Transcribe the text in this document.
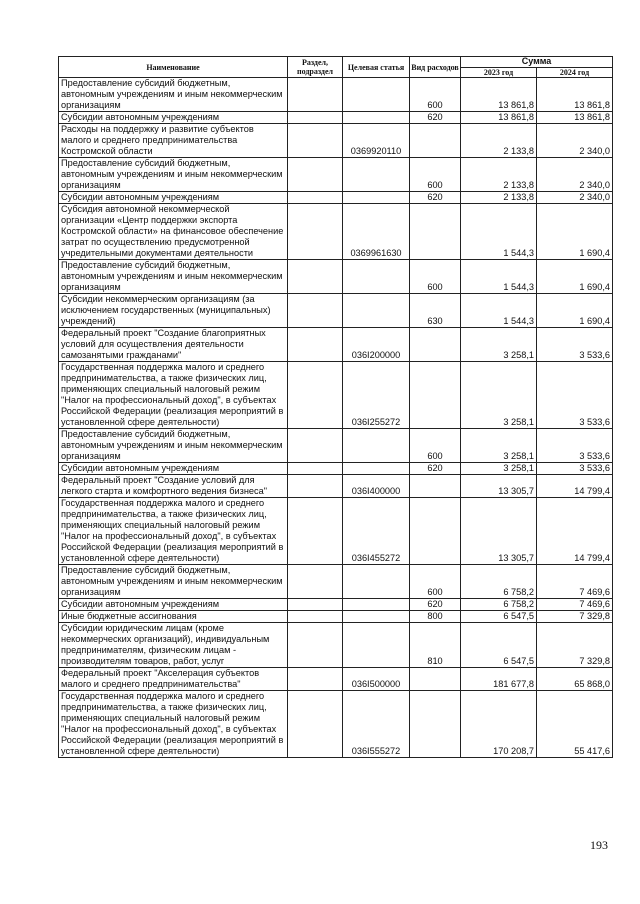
Наименование	Раздел, подраздел	Целевая статья	Вид расходов	Сумма	
				2023 год	2024 год
Предоставление субсидий бюджетным, автономным учреждениям и иным некоммерческим организациям			600	13 861,8	13 861,8
Субсидии автономным учреждениям			620	13 861,8	13 861,8
Расходы на поддержку и развитие субъектов малого и среднего предпринимательства Костромской области		0369920110		2 133,8	2 340,0
Предоставление субсидий бюджетным, автономным учреждениям и иным некоммерческим организациям			600	2 133,8	2 340,0
Субсидии автономным учреждениям			620	2 133,8	2 340,0
Субсидия автономной некоммерческой организации «Центр поддержки экспорта Костромской области» на финансовое обеспечение затрат по осуществлению предусмотренной учредительными документами деятельности		0369961630		1 544,3	1 690,4
Предоставление субсидий бюджетным, автономным учреждениям и иным некоммерческим организациям			600	1 544,3	1 690,4
Субсидии некоммерческим организациям (за исключением государственных (муниципальных) учреждений)			630	1 544,3	1 690,4
Федеральный проект "Создание благоприятных условий для осуществления деятельности самозанятыми гражданами"		036I200000		3 258,1	3 533,6
Государственная поддержка малого и среднего предпринимательства, а также физических лиц, применяющих специальный налоговый режим "Налог на профессиональный доход", в субъектах Российской Федерации (реализация мероприятий в установленной сфере деятельности)		036I255272		3 258,1	3 533,6
Предоставление субсидий бюджетным, автономным учреждениям и иным некоммерческим организациям			600	3 258,1	3 533,6
Субсидии автономным учреждениям			620	3 258,1	3 533,6
Федеральный проект "Создание условий для легкого старта и комфортного ведения бизнеса"		036I400000		13 305,7	14 799,4
Государственная поддержка малого и среднего предпринимательства, а также физических лиц, применяющих специальный налоговый режим "Налог на профессиональный доход", в субъектах Российской Федерации (реализация мероприятий в установленной сфере деятельности)		036I455272		13 305,7	14 799,4
Предоставление субсидий бюджетным, автономным учреждениям и иным некоммерческим организациям			600	6 758,2	7 469,6
Субсидии автономным учреждениям			620	6 758,2	7 469,6
Иные бюджетные ассигнования			800	6 547,5	7 329,8
Субсидии юридическим лицам (кроме некоммерческих организаций), индивидуальным предпринимателям, физическим лицам - производителям товаров, работ, услуг			810	6 547,5	7 329,8
Федеральный проект "Акселерация субъектов малого и среднего предпринимательства"		036I500000		181 677,8	65 868,0
Государственная поддержка малого и среднего предпринимательства, а также физических лиц, применяющих специальный налоговый режим "Налог на профессиональный доход", в субъектах Российской Федерации (реализация мероприятий в установленной сфере деятельности)		036I555272		170 208,7	55 417,6
193
